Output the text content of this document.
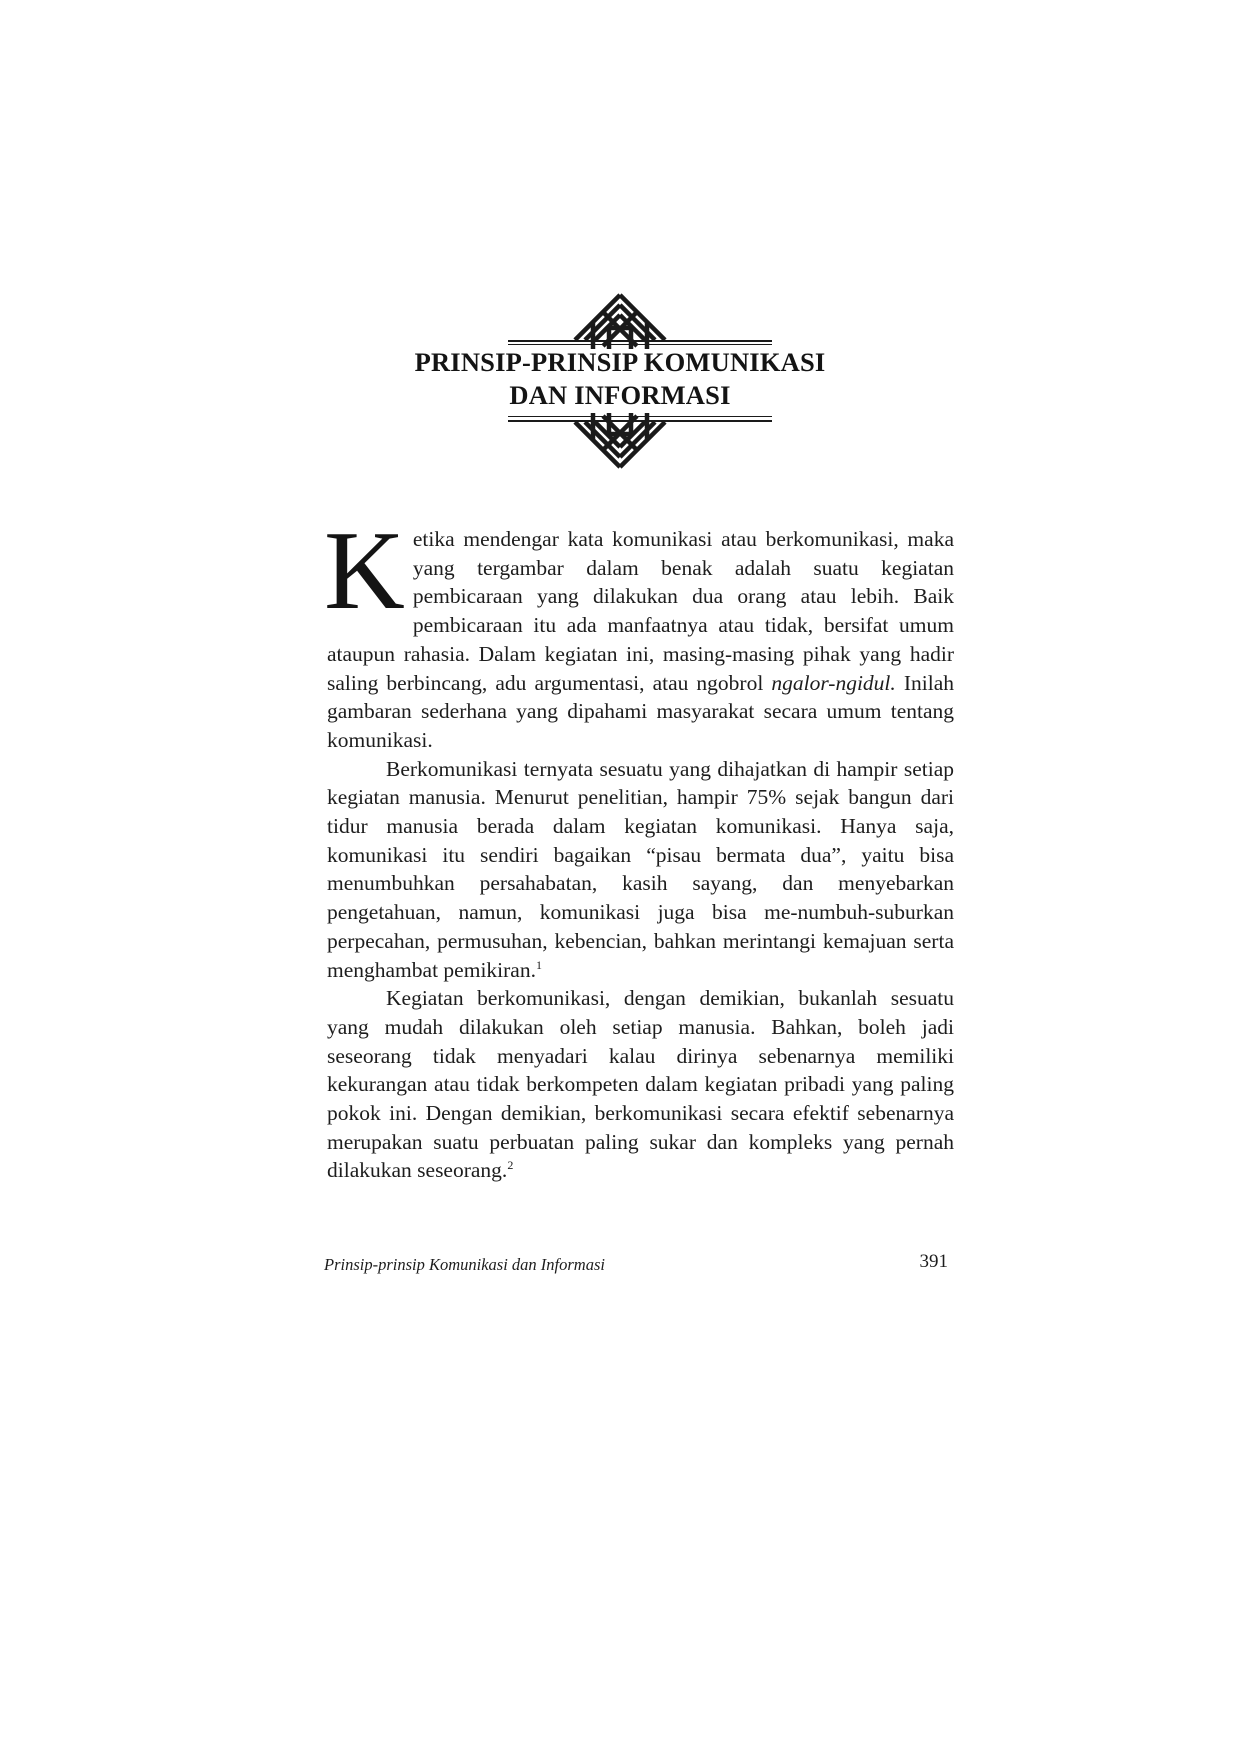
PRINSIP-PRINSIP KOMUNIKASI
DAN INFORMASI

Ketika mendengar kata komunikasi atau berkomunikasi, maka yang tergambar dalam benak adalah suatu kegiatan pembicaraan yang dilakukan dua orang atau lebih. Baik pembicaraan itu ada manfaatnya atau tidak, bersifat umum ataupun rahasia. Dalam kegiatan ini, masing-masing pihak yang hadir saling berbincang, adu argumentasi, atau ngobrol ngalor-ngidul. Inilah gambaran sederhana yang dipahami masyarakat secara umum tentang komunikasi.

Berkomunikasi ternyata sesuatu yang dihajatkan di hampir setiap kegiatan manusia. Menurut penelitian, hampir 75% sejak bangun dari tidur manusia berada dalam kegiatan komunikasi. Hanya saja, komunikasi itu sendiri bagaikan “pisau bermata dua”, yaitu bisa menumbuhkan persahabatan, kasih sayang, dan menyebarkan pengetahuan, namun, komunikasi juga bisa me-numbuh-suburkan perpecahan, permusuhan, kebencian, bahkan merintangi kemajuan serta menghambat pemikiran.$^1$

Kegiatan berkomunikasi, dengan demikian, bukanlah sesuatu yang mudah dilakukan oleh setiap manusia. Bahkan, boleh jadi seseorang tidak menyadari kalau dirinya sebenarnya memiliki kekurangan atau tidak berkompeten dalam kegiatan pribadi yang paling pokok ini. Dengan demikian, berkomunikasi secara efektif sebenarnya merupakan suatu perbuatan paling sukar dan kompleks yang pernah dilakukan seseorang.$^2$

Prinsip-prinsip Komunikasi dan Informasi	391
